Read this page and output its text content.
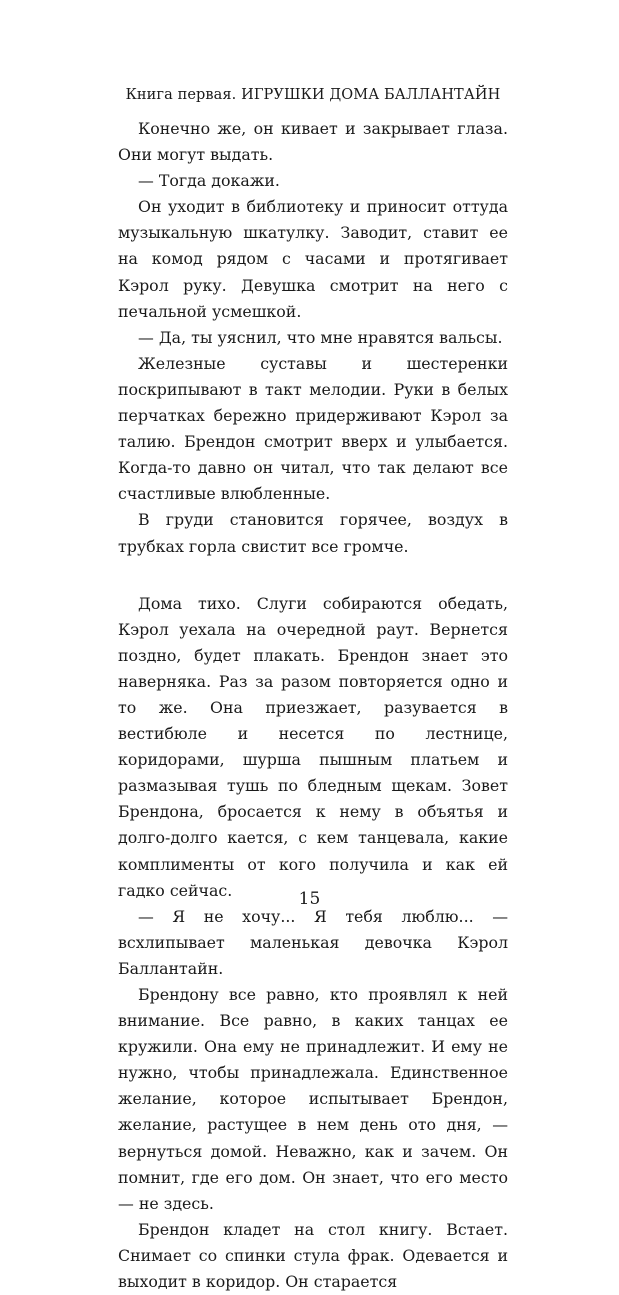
Книга первая. ИГРУШКИ ДОМА БАЛЛАНТАЙН

Конечно же, он кивает и закрывает глаза. Они могут выдать.

— Тогда докажи.

Он уходит в библиотеку и приносит оттуда музыкальную шкатулку. Заводит, ставит ее на комод рядом с часами и протягивает Кэрол руку. Девушка смотрит на него с печальной усмешкой.

— Да, ты уяснил, что мне нравятся вальсы.

Железные суставы и шестеренки поскрипывают в такт мелодии. Руки в белых перчатках бережно придерживают Кэрол за талию. Брендон смотрит вверх и улыбается. Когда-то давно он читал, что так делают все счастливые влюбленные.

В груди становится горячее, воздух в трубках горла свистит все громче.

Дома тихо. Слуги собираются обедать, Кэрол уехала на очередной раут. Вернется поздно, будет плакать. Брендон знает это наверняка. Раз за разом повторяется одно и то же. Она приезжает, разувается в вестибюле и несется по лестнице, коридорами, шурша пышным платьем и размазывая тушь по бледным щекам. Зовет Брендона, бросается к нему в объятья и долго-долго кается, с кем танцевала, какие комплименты от кого получила и как ей гадко сейчас.

— Я не хочу... Я тебя люблю... — всхлипывает маленькая девочка Кэрол Баллантайн.

Брендону все равно, кто проявлял к ней внимание. Все равно, в каких танцах ее кружили. Она ему не принадлежит. И ему не нужно, чтобы принадлежала. Единственное желание, которое испытывает Брендон, желание, растущее в нем день ото дня, — вернуться домой. Неважно, как и зачем. Он помнит, где его дом. Он знает, что его место — не здесь.

Брендон кладет на стол книгу. Встает. Снимает со спинки стула фрак. Одевается и выходит в коридор. Он старается

15
